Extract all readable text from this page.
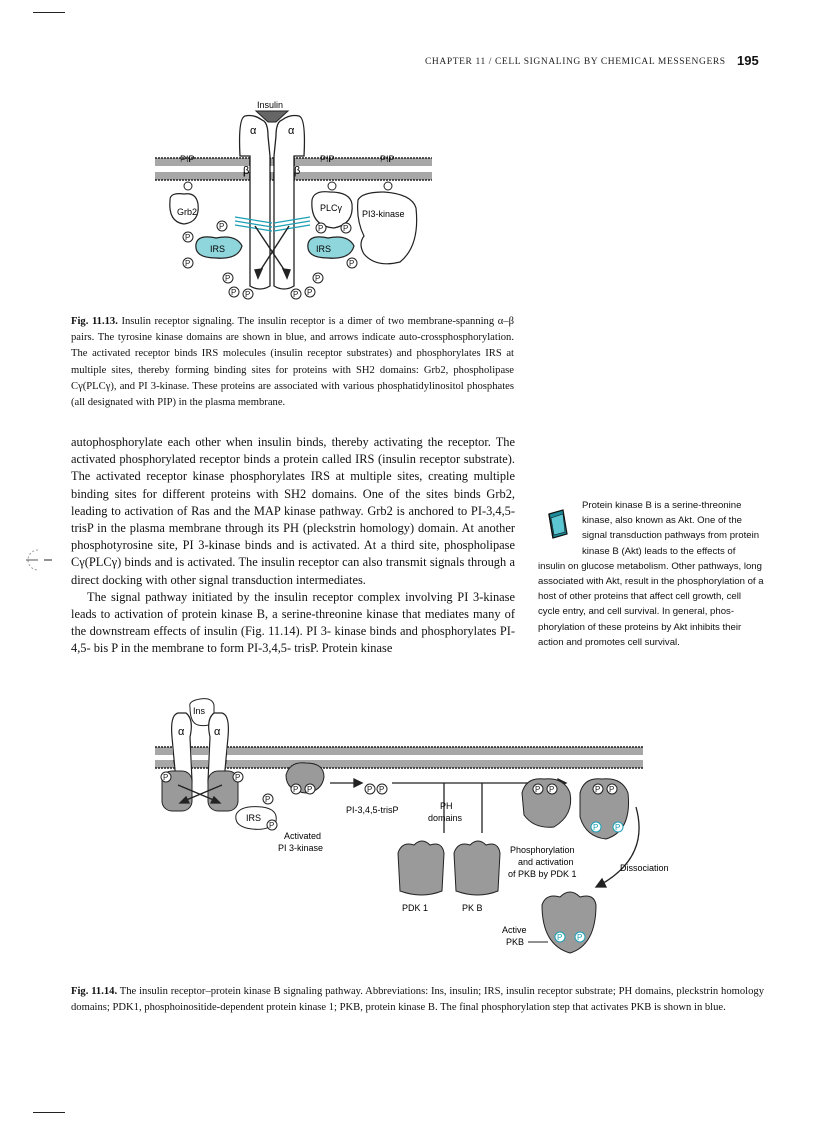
CHAPTER 11 / CELL SIGNALING BY CHEMICAL MESSENGERS 195
Insulin
α	α
β	β
Grb2
PIP
IRS	IRS
PLCγ
PIP
PI3-kinase
PIP
P
P
P
P P
P
P
P P	P P
P
Fig. 11.13. Insulin receptor signaling. The insulin receptor is a dimer of two membrane-spanning α–β pairs. The tyrosine kinase domains are shown in blue, and arrows indicate auto-crossphosphorylation. The activated receptor binds IRS molecules (insulin receptor substrates) and phosphorylates IRS at multiple sites, thereby forming binding sites for proteins with SH2 domains: Grb2, phospholipase Cγ(PLCγ), and PI 3-kinase. These proteins are associated with various phosphatidylinositol phosphates (all designated with PIP) in the plasma membrane.

autophosphorylate each other when insulin binds, thereby activating the receptor. The activated phosphorylated receptor binds a protein called IRS (insulin receptor substrate). The activated receptor kinase phosphorylates IRS at multiple sites, creating multiple binding sites for different proteins with SH2 domains. One of the sites binds Grb2, leading to activation of Ras and the MAP kinase pathway. Grb2 is anchored to PI-3,4,5-trisP in the plasma membrane through its PH (pleckstrin homology) domain. At another phosphotyrosine site, PI 3-kinase binds and is activated. At a third site, phospholipase Cγ(PLCγ) binds and is activated. The insulin receptor can also transmit signals through a direct docking with other signal transduction intermediates.

The signal pathway initiated by the insulin receptor complex involving PI 3-kinase leads to activation of protein kinase B, a serine-threonine kinase that mediates many of the downstream effects of insulin (Fig. 11.14). PI 3- kinase binds and phosphorylates PI-4,5- bis P in the membrane to form PI-3,4,5- trisP. Protein kinase

Protein kinase B is a serine-threonine kinase, also known as Akt. One of the signal transduction pathways from protein kinase B (Akt) leads to the effects of insulin on glucose metabolism. Other pathways, long associated with Akt, result in the phosphorylation of a host of other proteins that affect cell growth, cell cycle entry, and cell survival. In general, phosphorylation of these proteins by Akt inhibits their action and promotes cell survival.
Ins
α	α
IRS
Activated
PI 3-kinase
PI-3,4,5-trisP	PH
domains
PDK 1	PK B
Phosphorylation
and activation
of PKB by PDK 1
Dissociation
Active
PKB
P	P
P
P
P P	P P	P P	P P
P P
P P
Fig. 11.14. The insulin receptor–protein kinase B signaling pathway. Abbreviations: Ins, insulin; IRS, insulin receptor substrate; PH domains, pleckstrin homology domains; PDK1, phosphoinositide-dependent protein kinase 1; PKB, protein kinase B. The final phosphorylation step that activates PKB is shown in blue.
